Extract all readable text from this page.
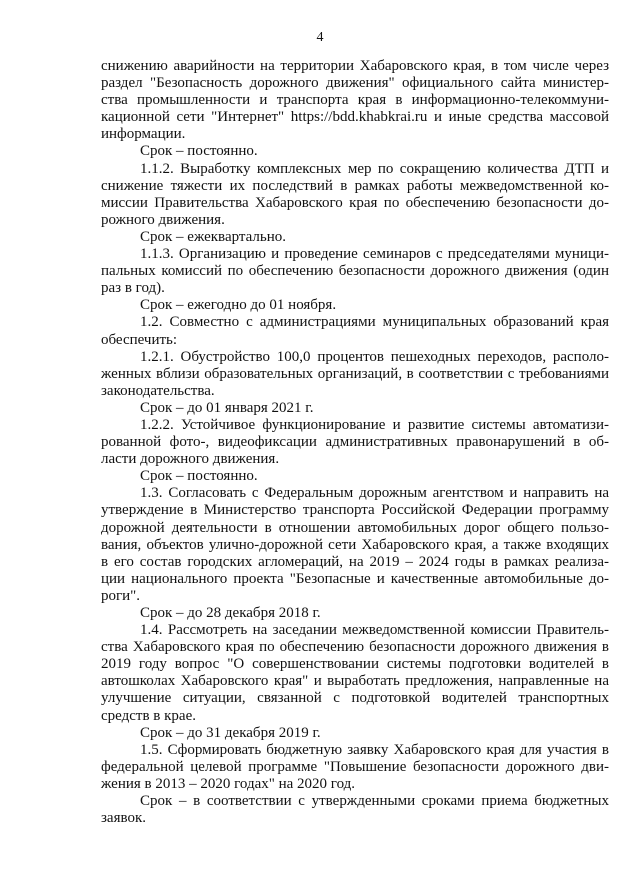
4
снижению аварийности на территории Хабаровского края, в том числе через
раздел "Безопасность дорожного движения" официального сайта министер-
ства промышленности и транспорта края в информационно-телекоммуни-
кационной сети "Интернет" https://bdd.khabkrai.ru и иные средства массовой
информации.
Срок – постоянно.
1.1.2. Выработку комплексных мер по сокращению количества ДТП и
снижение тяжести их последствий в рамках работы межведомственной ко-
миссии Правительства Хабаровского края по обеспечению безопасности до-
рожного движения.
Срок – ежеквартально.
1.1.3. Организацию и проведение семинаров с председателями муници-
пальных комиссий по обеспечению безопасности дорожного движения (один
раз в год).
Срок – ежегодно до 01 ноября.
1.2. Совместно с администрациями муниципальных образований края
обеспечить:
1.2.1. Обустройство 100,0 процентов пешеходных переходов, располо-
женных вблизи образовательных организаций, в соответствии с требованиями
законодательства.
Срок – до 01 января 2021 г.
1.2.2. Устойчивое функционирование и развитие системы автоматизи-
рованной фото-, видеофиксации административных правонарушений в об-
ласти дорожного движения.
Срок – постоянно.
1.3. Согласовать с Федеральным дорожным агентством и направить на
утверждение в Министерство транспорта Российской Федерации программу
дорожной деятельности в отношении автомобильных дорог общего пользо-
вания, объектов улично-дорожной сети Хабаровского края, а также входящих
в его состав городских агломераций, на 2019 – 2024 годы в рамках реализа-
ции национального проекта "Безопасные и качественные автомобильные до-
роги".
Срок – до 28 декабря 2018 г.
1.4. Рассмотреть на заседании межведомственной комиссии Правитель-
ства Хабаровского края по обеспечению безопасности дорожного движения в
2019 году вопрос "О совершенствовании системы подготовки водителей в
автошколах Хабаровского края" и выработать предложения, направленные на
улучшение ситуации, связанной с подготовкой водителей транспортных
средств в крае.
Срок – до 31 декабря 2019 г.
1.5. Сформировать бюджетную заявку Хабаровского края для участия в
федеральной целевой программе "Повышение безопасности дорожного дви-
жения в 2013 – 2020 годах" на 2020 год.
Срок – в соответствии с утвержденными сроками приема бюджетных
заявок.
